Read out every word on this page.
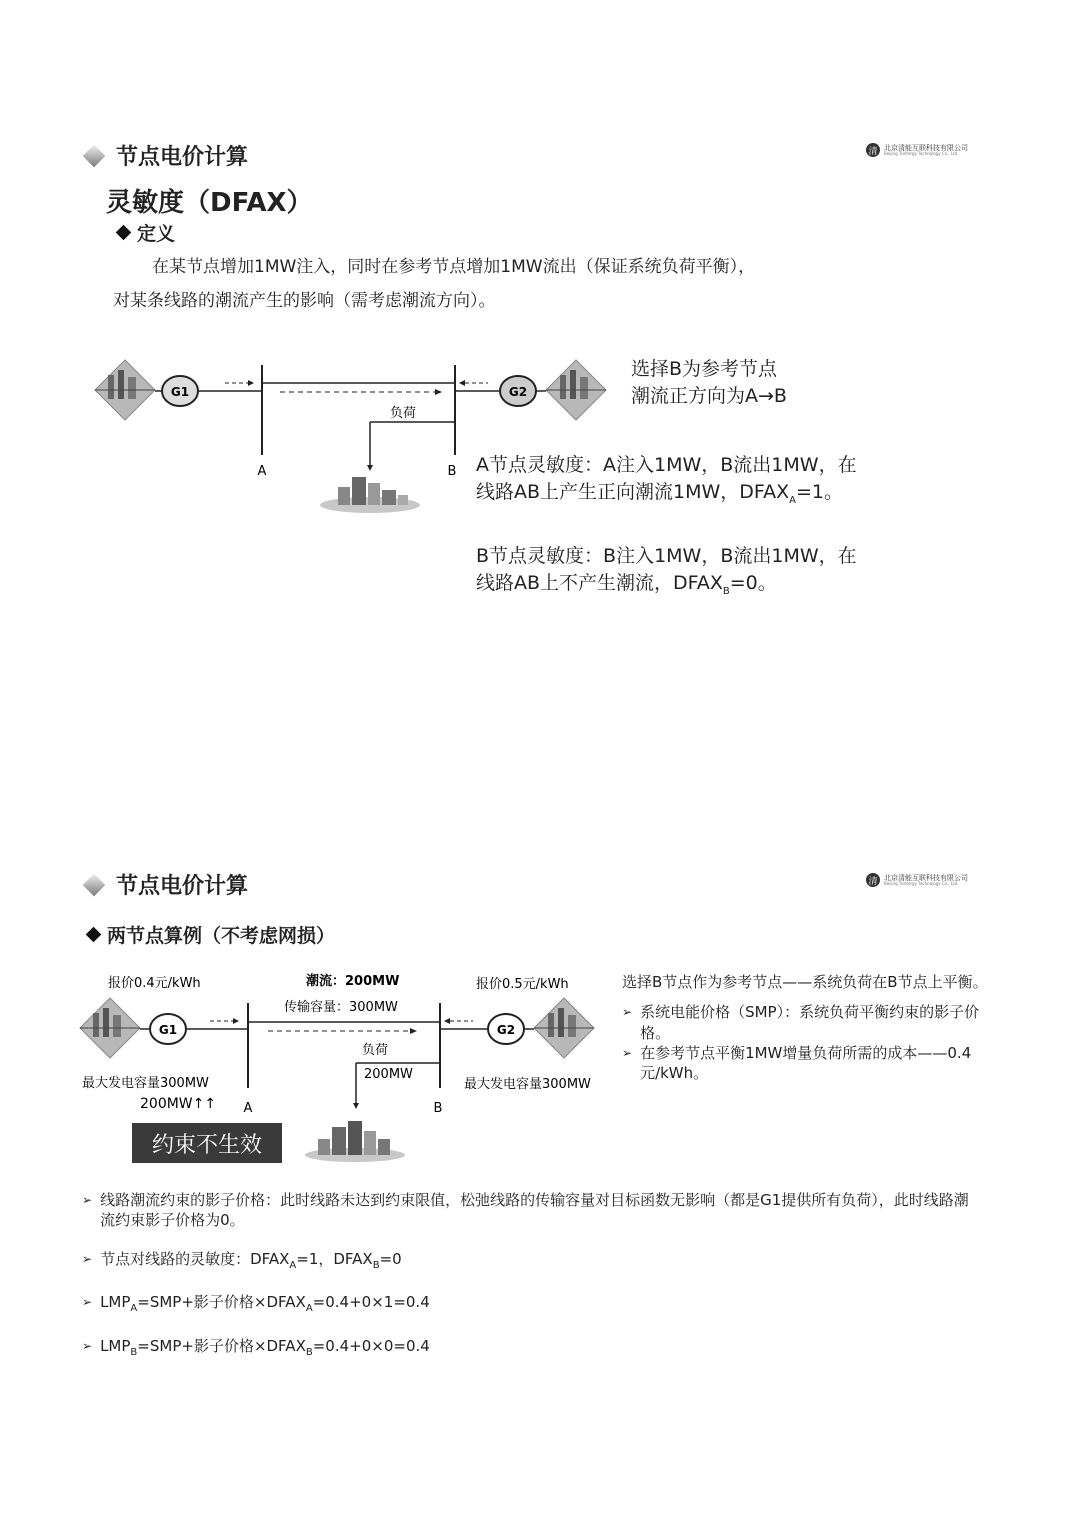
节点电价计算	清 北京清能互联科技有限公司
Beijing Tsintergy Technology Co., Ltd.
灵敏度（DFAX）
定义
在某节点增加1MW注入，同时在参考节点增加1MW流出（保证系统负荷平衡），
对某条线路的潮流产生的影响（需考虑潮流方向）。
G1
A	B
负荷
G2
选择B为参考节点
潮流正方向为A→B
A节点灵敏度：A注入1MW，B流出1MW，在
线路AB上产生正向潮流1MW，$DFAX_A=1$。
B节点灵敏度：B注入1MW，B流出1MW，在
线路AB上不产生潮流，$DFAX_B=0$。
节点电价计算	清 北京清能互联科技有限公司
Beijing Tsintergy Technology Co., Ltd.
两节点算例（不考虑网损）
报价0.4元/kWh	潮流：200MW	报价0.5元/kWh
传输容量：300MW
G1
A	B
负荷
200MW
G2
最大发电容量300MW
200MW↑↑
最大发电容量300MW
约束不生效
选择B节点作为参考节点——系统负荷在B节点上平衡。
➢ 系统电能价格（SMP）：系统负荷平衡约束的影子价格。
➢ 在参考节点平衡1MW增量负荷所需的成本——0.4元/kWh。
➢ 线路潮流约束的影子价格：此时线路未达到约束限值，松弛线路的传输容量对目标函数无影响（都是G1提供所有负荷），此时线路潮流约束影子价格为0。
➢ 节点对线路的灵敏度：$DFAX_A=1$，$DFAX_B=0$
➢ $LMP_A=SMP+$影子价格$\times DFAX_A=0.4+0\times 1=0.4$
➢ $LMP_B=SMP+$影子价格$\times DFAX_B=0.4+0\times 0=0.4$
